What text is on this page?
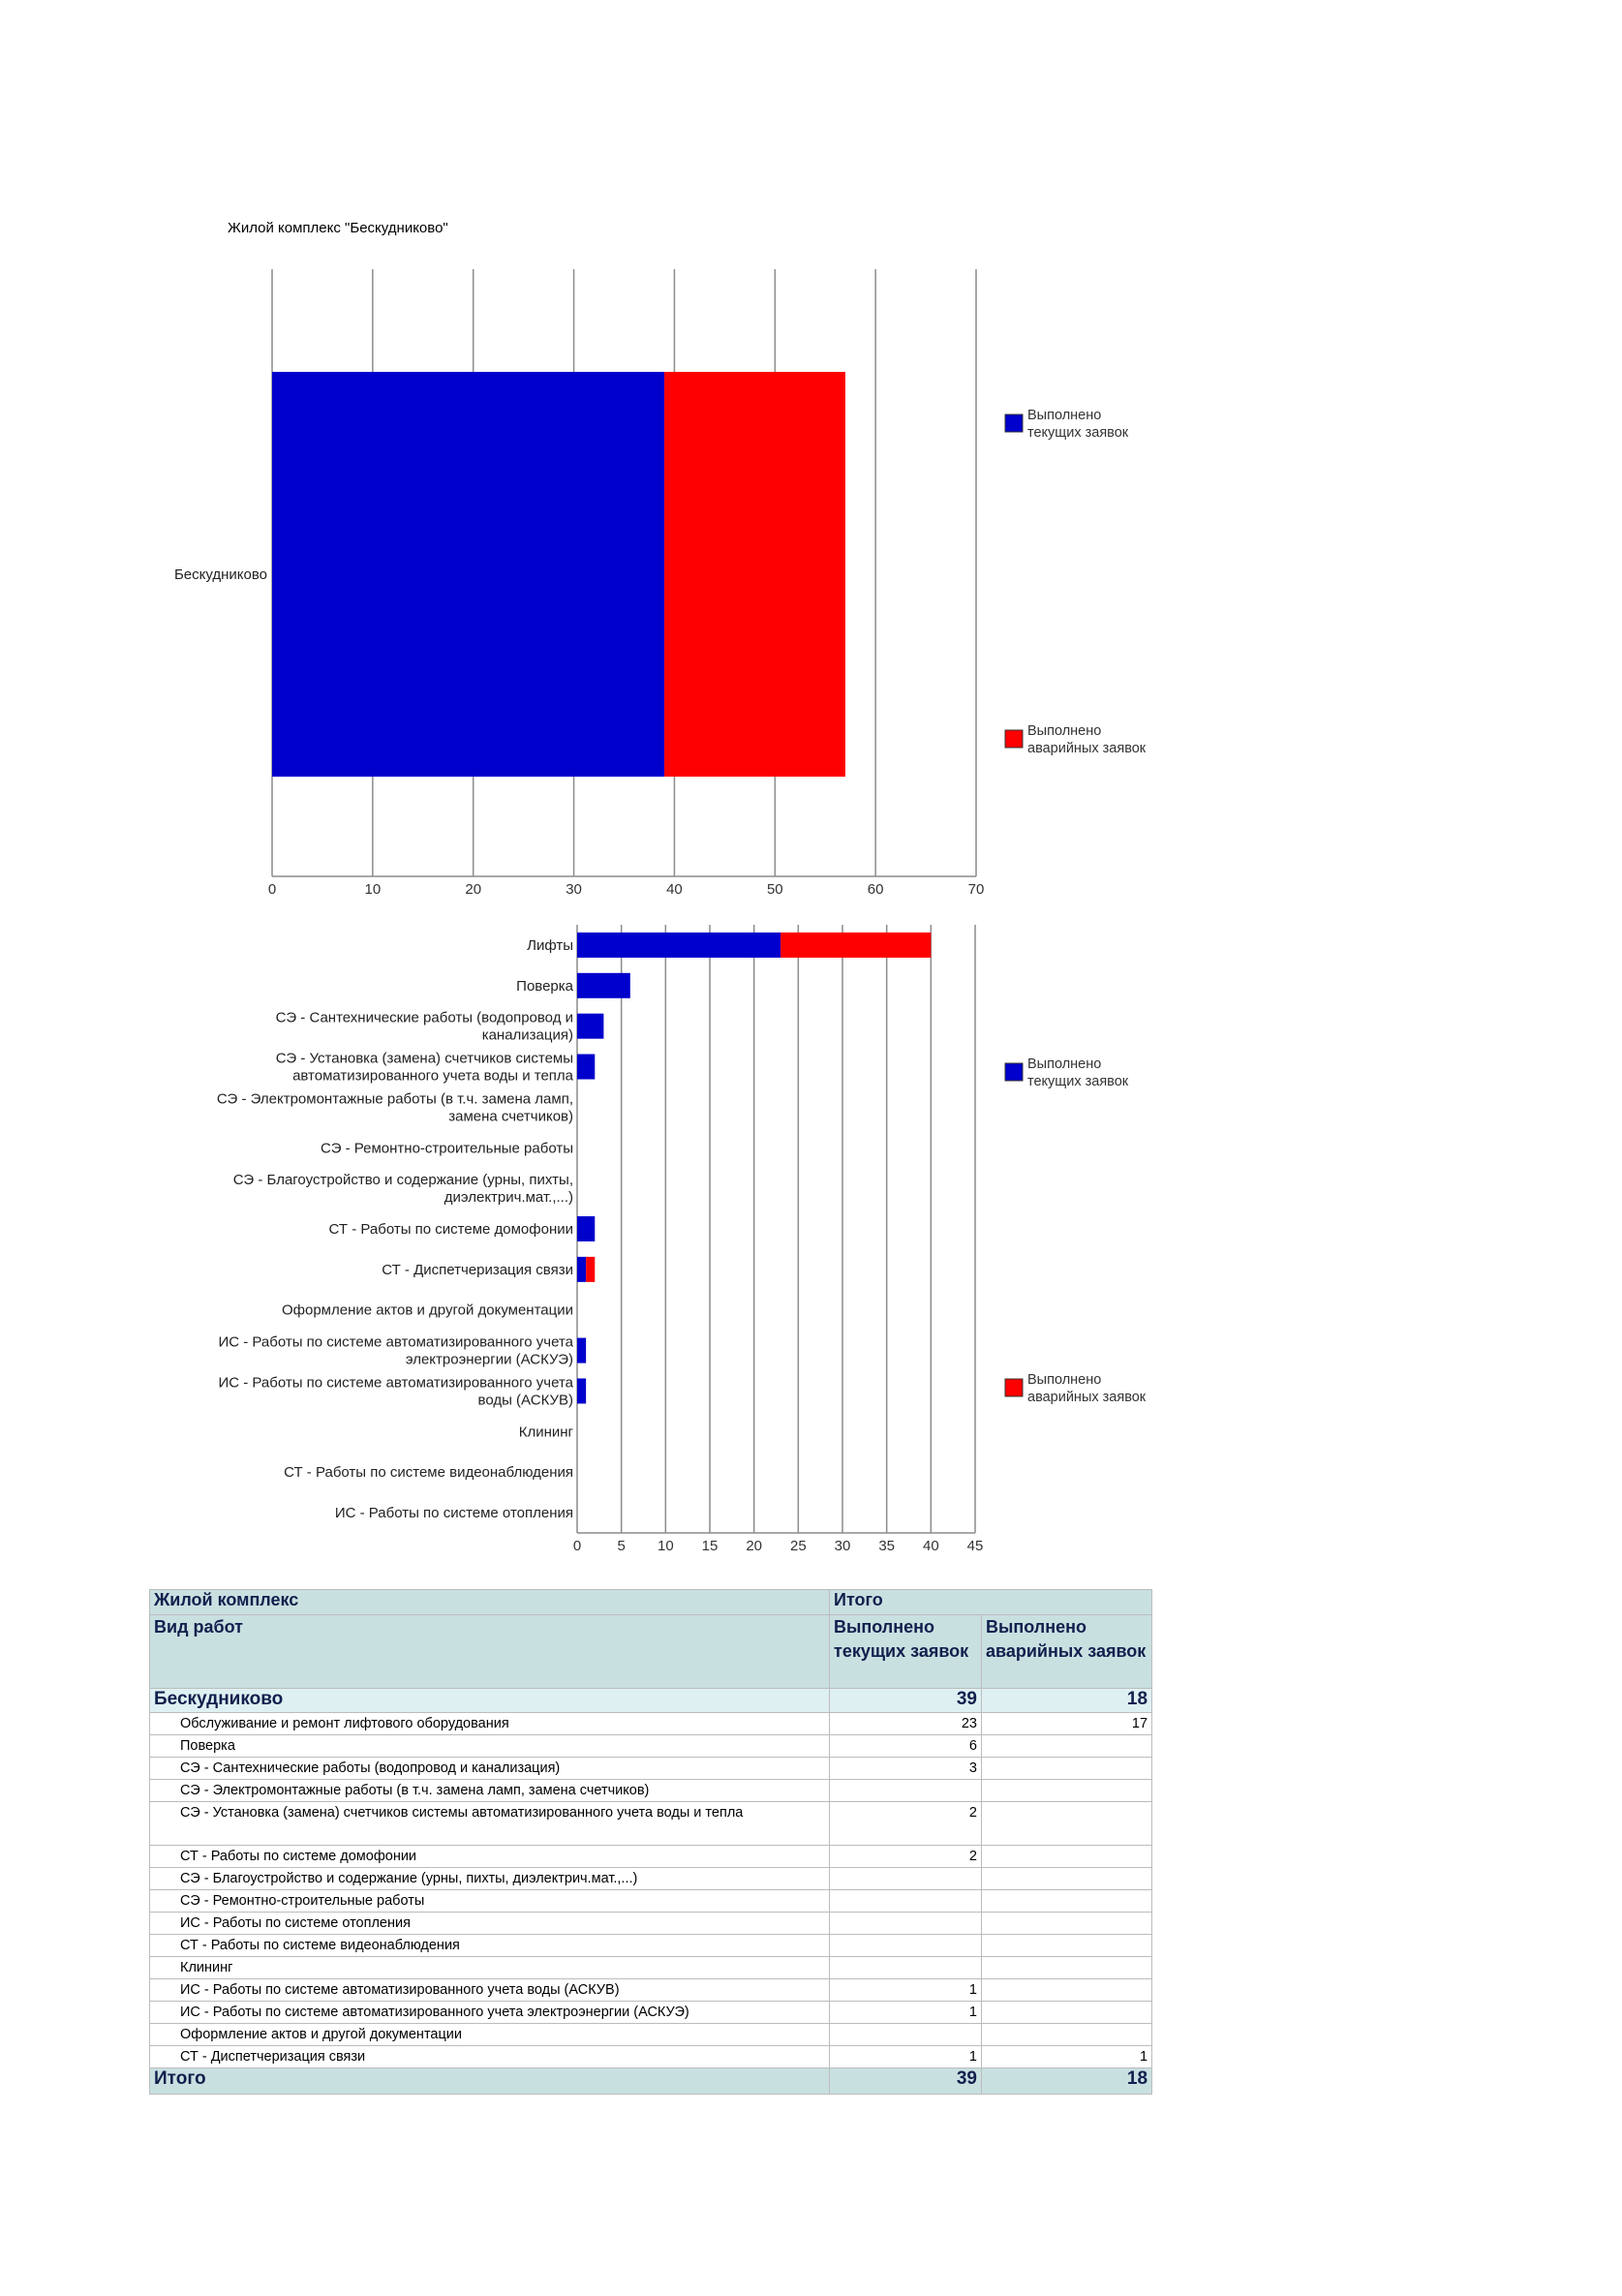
Жилой комплекс "Бескудниково"
0	10	20	30	40	50	60	70
Бескудниково
Выполнено
текущих заявок
Выполнено
аварийных заявок
0 5 10 15 20 25 30 35 40 45
Лифты
Поверка
СЭ - Сантехнические работы (водопровод и
канализация)
СЭ - Установка (замена) счетчиков системы
автоматизированного учета воды и тепла
СЭ - Электромонтажные работы (в т.ч. замена ламп,
замена счетчиков)
СЭ - Ремонтно-строительные работы
СЭ - Благоустройство и содержание (урны, пихты,
диэлектрич.мат.,...)
СТ - Работы по системе домофонии
СТ - Диспетчеризация связи
Оформление актов и другой документации
ИС - Работы по системе автоматизированного учета
электроэнергии (АСКУЭ)
ИС - Работы по системе автоматизированного учета
воды (АСКУВ)
Клининг
СТ - Работы по системе видеонаблюдения
ИС - Работы по системе отопления
Выполнено
текущих заявок
Выполнено
аварийных заявок
Жилой комплекс	Итого	
Вид работ	Выполнено текущих заявок	Выполнено аварийных заявок
Бескудниково	39	18
Обслуживание и ремонт лифтового оборудования	23	17
Поверка	6	
СЭ - Сантехнические работы (водопровод и канализация)	3	
СЭ - Электромонтажные работы (в т.ч. замена ламп, замена счетчиков)		
СЭ - Установка (замена) счетчиков системы автоматизированного учета воды и тепла	2	
СТ - Работы по системе домофонии	2	
СЭ - Благоустройство и содержание (урны, пихты, диэлектрич.мат.,...)		
СЭ - Ремонтно-строительные работы		
ИС - Работы по системе отопления		
СТ - Работы по системе видеонаблюдения		
Клининг		
ИС - Работы по системе автоматизированного учета воды (АСКУВ)	1	
ИС - Работы по системе автоматизированного учета электроэнергии (АСКУЭ)	1	
Оформление актов и другой документации		
СТ - Диспетчеризация связи	1	1
Итого	39	18
